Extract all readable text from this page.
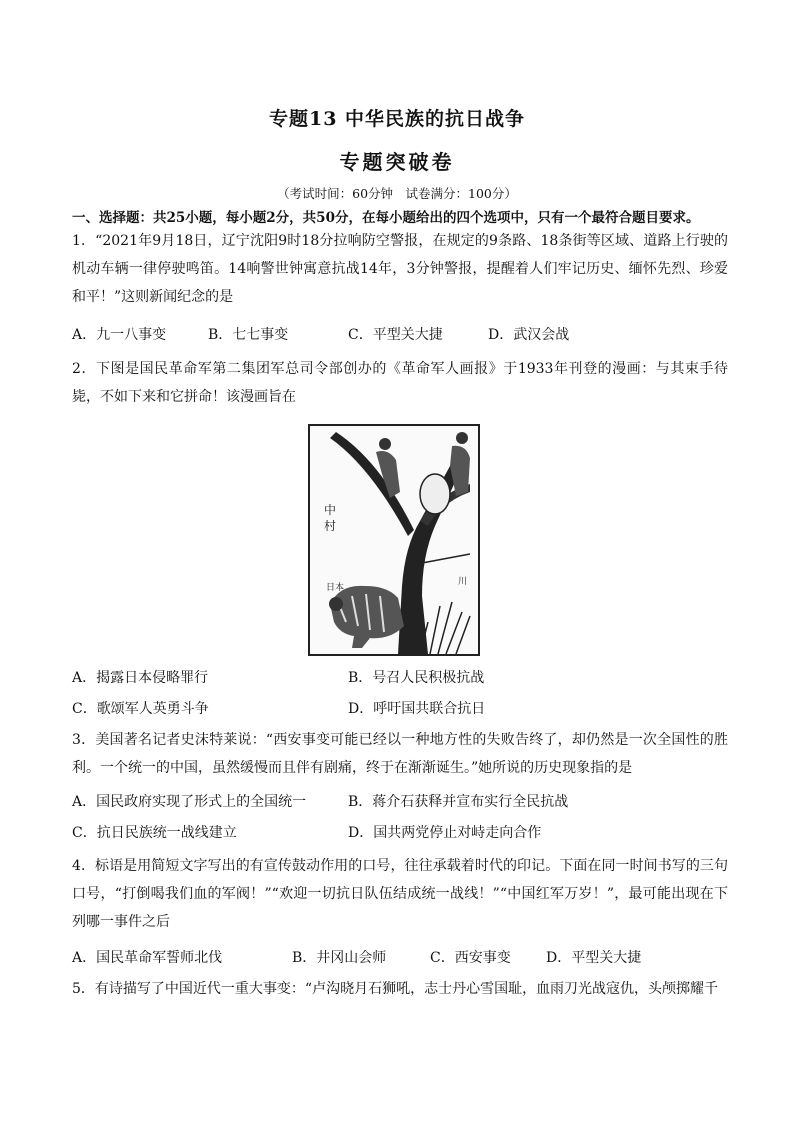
专题13 中华民族的抗日战争
专题突破卷
（考试时间：60分钟　试卷满分：100分）
一、选择题：共25小题，每小题2分，共50分，在每小题给出的四个选项中，只有一个最符合题目要求。
1．“2021年9月18日，辽宁沈阳9时18分拉响防空警报，在规定的9条路、18条街等区域、道路上行驶的机动车辆一律停驶鸣笛。14响警世钟寓意抗战14年，3分钟警报，提醒着人们牢记历史、缅怀先烈、珍爱和平！”这则新闻纪念的是
A．九一八事变	B．七七事变	C．平型关大捷	D．武汉会战
2．下图是国民革命军第二集团军总司令部创办的《革命军人画报》于1933年刊登的漫画：与其束手待毙，不如下来和它拼命！该漫画旨在
中
村
日本
川
A．揭露日本侵略罪行	B．号召人民积极抗战
C．歌颂军人英勇斗争	D．呼吁国共联合抗日
3．美国著名记者史沫特莱说：“西安事变可能已经以一种地方性的失败告终了，却仍然是一次全国性的胜利。一个统一的中国，虽然缓慢而且伴有剧痛，终于在渐渐诞生。”她所说的历史现象指的是
A．国民政府实现了形式上的全国统一	B．蒋介石获释并宣布实行全民抗战
C．抗日民族统一战线建立	D．国共两党停止对峙走向合作
4．标语是用简短文字写出的有宣传鼓动作用的口号，往往承载着时代的印记。下面在同一时间书写的三句口号，“打倒喝我们血的军阀！”“欢迎一切抗日队伍结成统一战线！”“中国红军万岁！”，最可能出现在下列哪一事件之后
A．国民革命军誓师北伐	B．井冈山会师	C．西安事变	D．平型关大捷
5．有诗描写了中国近代一重大事变：“卢沟晓月石狮吼，志士丹心雪国耻，血雨刀光战寇仇，头颅掷耀千
